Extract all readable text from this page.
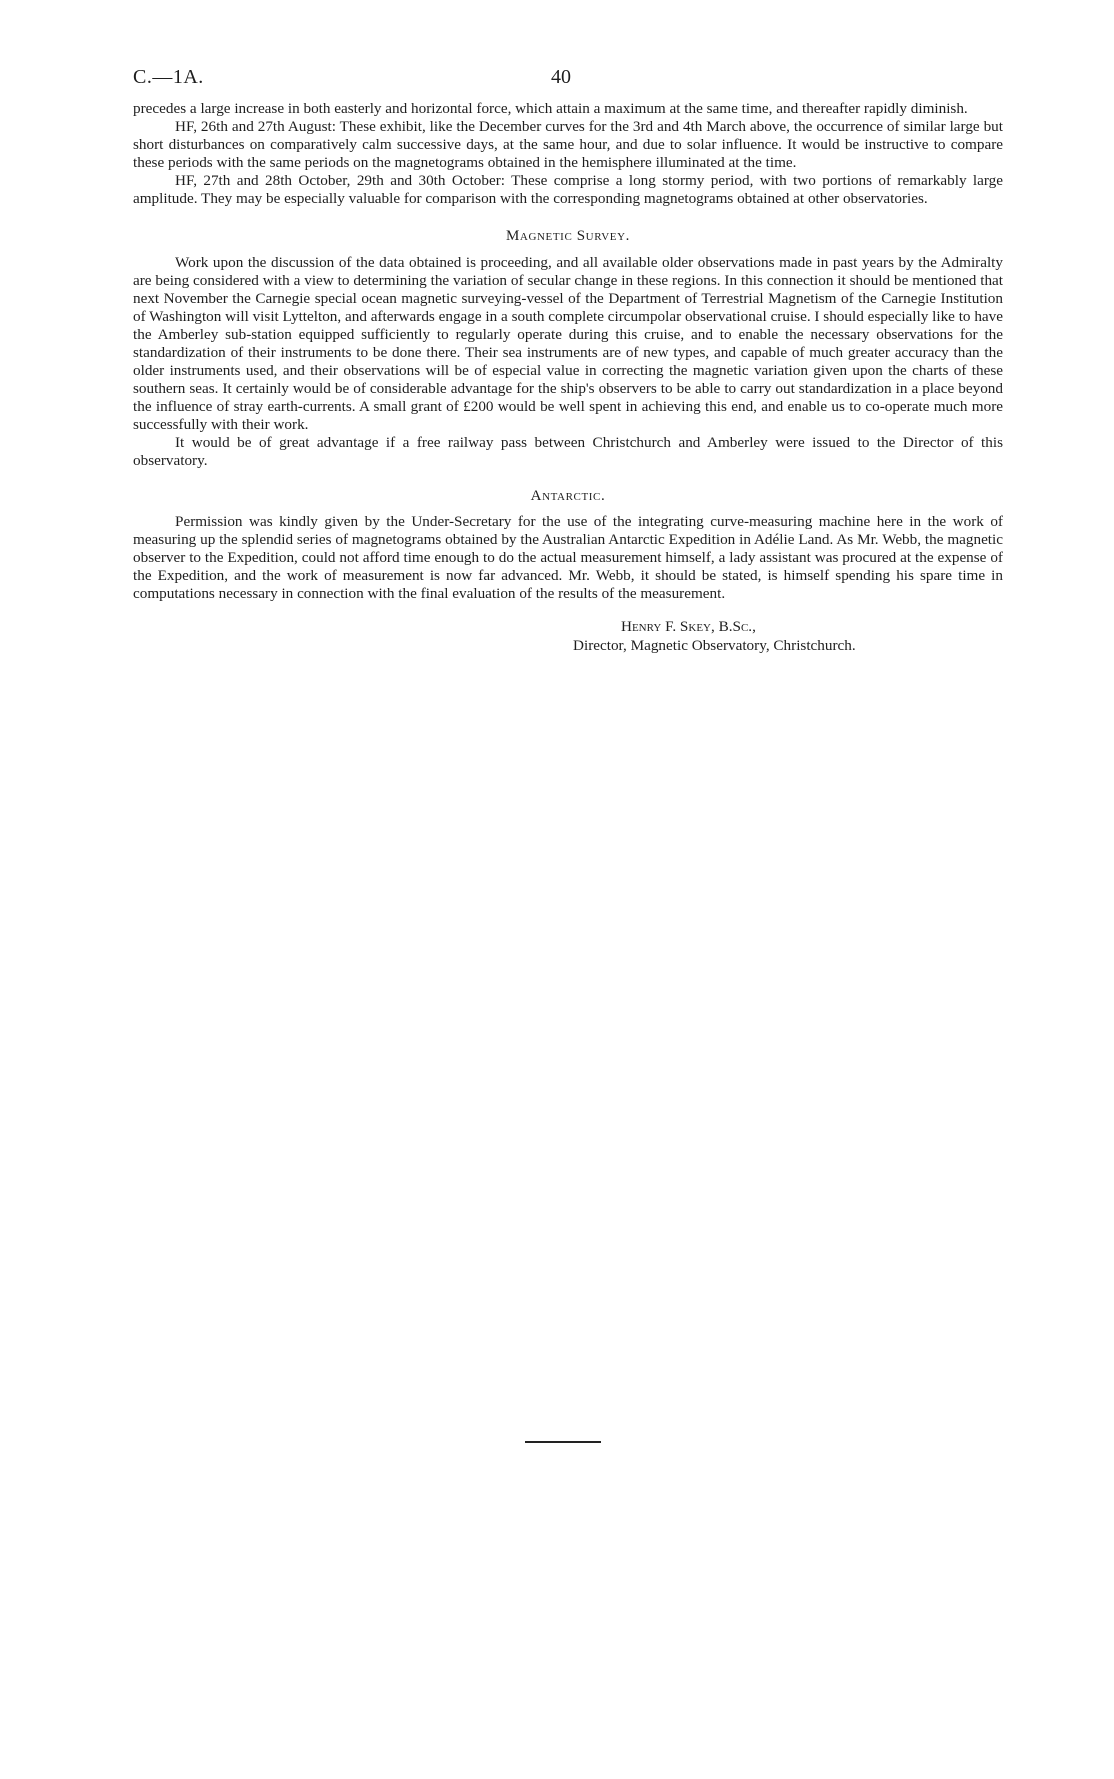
C.—1A.	40

precedes a large increase in both easterly and horizontal force, which attain a maximum at the same time, and thereafter rapidly diminish.

HF, 26th and 27th August: These exhibit, like the December curves for the 3rd and 4th March above, the occurrence of similar large but short disturbances on comparatively calm successive days, at the same hour, and due to solar influence. It would be instructive to compare these periods with the same periods on the magnetograms obtained in the hemisphere illuminated at the time.

HF, 27th and 28th October, 29th and 30th October: These comprise a long stormy period, with two portions of remarkably large amplitude. They may be especially valuable for comparison with the corresponding magnetograms obtained at other observatories.

Magnetic Survey.

Work upon the discussion of the data obtained is proceeding, and all available older observations made in past years by the Admiralty are being considered with a view to determining the variation of secular change in these regions. In this connection it should be mentioned that next November the Carnegie special ocean magnetic surveying-vessel of the Department of Terrestrial Magnetism of the Carnegie Institution of Washington will visit Lyttelton, and afterwards engage in a south complete circumpolar observational cruise. I should especially like to have the Amberley sub-station equipped sufficiently to regularly operate during this cruise, and to enable the necessary observations for the standardization of their instruments to be done there. Their sea instruments are of new types, and capable of much greater accuracy than the older instruments used, and their observations will be of especial value in correcting the magnetic variation given upon the charts of these southern seas. It certainly would be of considerable advantage for the ship's observers to be able to carry out standardization in a place beyond the influence of stray earth-currents. A small grant of £200 would be well spent in achieving this end, and enable us to co-operate much more successfully with their work.

It would be of great advantage if a free railway pass between Christchurch and Amberley were issued to the Director of this observatory.

Antarctic.

Permission was kindly given by the Under-Secretary for the use of the integrating curve-measuring machine here in the work of measuring up the splendid series of magnetograms obtained by the Australian Antarctic Expedition in Adélie Land. As Mr. Webb, the magnetic observer to the Expedition, could not afford time enough to do the actual measurement himself, a lady assistant was procured at the expense of the Expedition, and the work of measurement is now far advanced. Mr. Webb, it should be stated, is himself spending his spare time in computations necessary in connection with the final evaluation of the results of the measurement.

Henry F. Skey, B.Sc.,
Director, Magnetic Observatory, Christchurch.
